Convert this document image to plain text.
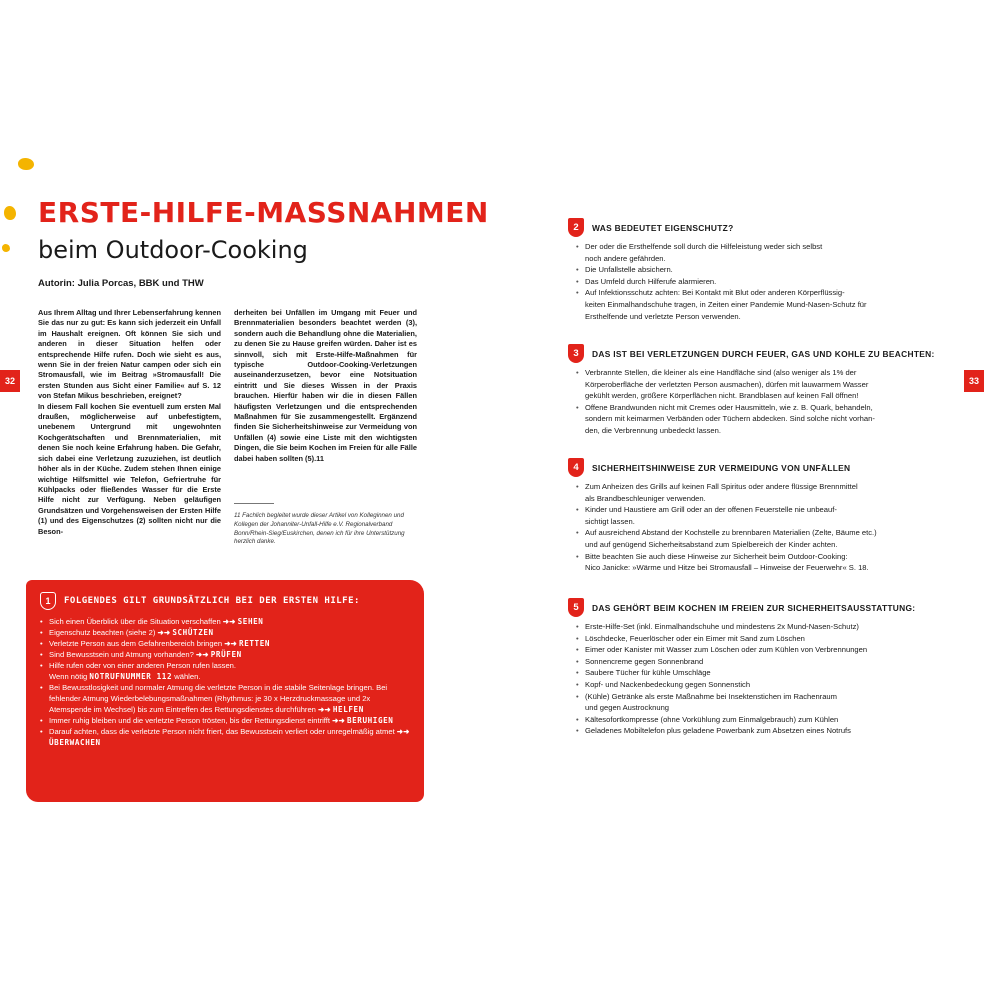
32	33
ERSTE-HILFE-MASSNAHMEN
beim Outdoor-Cooking
Autorin: Julia Porcas, BBK und THW

Aus Ihrem Alltag und Ihrer Lebenserfahrung kennen Sie das nur zu gut: Es kann sich jederzeit ein Unfall im Haushalt ereignen. Oft können Sie sich und anderen in dieser Situation helfen oder entsprechende Hilfe rufen. Doch wie sieht es aus, wenn Sie in der freien Natur campen oder sich ein Stromausfall, wie im Beitrag »Stromausfall! Die ersten Stunden aus Sicht einer Familie« auf S. 12 von Stefan Mikus beschrieben, ereignet?

In diesem Fall kochen Sie eventuell zum ersten Mal draußen, möglicherweise auf unbefestigtem, unebenem Untergrund mit ungewohnten Kochgerätschaften und Brennmaterialien, mit denen Sie noch keine Erfahrung haben. Die Gefahr, sich dabei eine Verletzung zuzuziehen, ist deutlich höher als in der Küche. Zudem stehen Ihnen einige wichtige Hilfsmittel wie Telefon, Gefriertruhe für Kühlpacks oder fließendes Wasser für die Erste Hilfe nicht zur Verfügung. Neben geläufigen Grundsätzen und Vorgehensweisen der Ersten Hilfe (1) und des Eigenschutzes (2) sollten nicht nur die Beson-

derheiten bei Unfällen im Umgang mit Feuer und Brennmaterialien besonders beachtet werden (3), sondern auch die Behandlung ohne die Materialien, zu denen Sie zu Hause greifen würden. Daher ist es sinnvoll, sich mit Erste-Hilfe-Maßnahmen für typische Outdoor-Cooking-Verletzungen auseinanderzusetzen, bevor eine Notsituation eintritt und Sie dieses Wissen in der Praxis brauchen. Hierfür haben wir die in diesen Fällen häufigsten Verletzungen und die entsprechenden Maßnahmen für Sie zusammengestellt. Ergänzend finden Sie Sicherheitshinweise zur Vermeidung von Unfällen (4) sowie eine Liste mit den wichtigsten Dingen, die Sie beim Kochen im Freien für alle Fälle dabei haben sollten (5).11

11 Fachlich begleitet wurde dieser Artikel von Kolleginnen und Kollegen der Johanniter-Unfall-Hilfe e.V. Regionalverband Bonn/Rhein-Sieg/Euskirchen, denen ich für ihre Unterstützung herzlich danke.
1	FOLGENDES GILT GRUNDSÄTZLICH BEI DER ERSTEN HILFE:
• Sich einen Überblick über die Situation verschaffen ➜➜ SEHEN
• Eigenschutz beachten (siehe 2) ➜➜ SCHÜTZEN
• Verletzte Person aus dem Gefahrenbereich bringen ➜➜ RETTEN
• Sind Bewusstsein und Atmung vorhanden? ➜➜ PRÜFEN
• Hilfe rufen oder von einer anderen Person rufen lassen.
Wenn nötig NOTRUFNUMMER 112 wählen.
• Bei Bewusstlosigkeit und normaler Atmung die verletzte Person in die stabile Seitenlage bringen. Bei fehlender Atmung Wiederbelebungsmaßnahmen (Rhythmus: je 30 x Herzdruckmassage und 2x Atemspende im Wechsel) bis zum Eintreffen des Rettungsdienstes durchführen ➜➜ HELFEN
• Immer ruhig bleiben und die verletzte Person trösten, bis der Rettungsdienst eintrifft ➜➜ BERUHIGEN
• Darauf achten, dass die verletzte Person nicht friert, das Bewusstsein verliert oder unregelmäßig atmet ➜➜ ÜBERWACHEN
2	WAS BEDEUTET EIGENSCHUTZ?
• Der oder die Ersthelfende soll durch die Hilfeleistung weder sich selbst
noch andere gefährden.
• Die Unfallstelle absichern.
• Das Umfeld durch Hilferufe alarmieren.
• Auf Infektionsschutz achten: Bei Kontakt mit Blut oder anderen Körperflüssig-
keiten Einmalhandschuhe tragen, in Zeiten einer Pandemie Mund-Nasen-Schutz für
Ersthelfende und verletzte Person verwenden.
3	DAS IST BEI VERLETZUNGEN DURCH FEUER, GAS UND KOHLE ZU BEACHTEN:
• Verbrannte Stellen, die kleiner als eine Handfläche sind (also weniger als 1% der
Körperoberfläche der verletzten Person ausmachen), dürfen mit lauwarmem Wasser
gekühlt werden, größere Körperflächen nicht. Brandblasen auf keinen Fall öffnen!
• Offene Brandwunden nicht mit Cremes oder Hausmitteln, wie z. B. Quark, behandeln,
sondern mit keimarmen Verbänden oder Tüchern abdecken. Sind solche nicht vorhan-
den, die Verbrennung unbedeckt lassen.
4	SICHERHEITSHINWEISE ZUR VERMEIDUNG VON UNFÄLLEN
• Zum Anheizen des Grills auf keinen Fall Spiritus oder andere flüssige Brennmittel
als Brandbeschleuniger verwenden.
• Kinder und Haustiere am Grill oder an der offenen Feuerstelle nie unbeauf-
sichtigt lassen.
• Auf ausreichend Abstand der Kochstelle zu brennbaren Materialien (Zelte, Bäume etc.)
und auf genügend Sicherheitsabstand zum Spielbereich der Kinder achten.
• Bitte beachten Sie auch diese Hinweise zur Sicherheit beim Outdoor-Cooking:
Nico Janicke: »Wärme und Hitze bei Stromausfall – Hinweise der Feuerwehr« S. 18.
5	DAS GEHÖRT BEIM KOCHEN IM FREIEN ZUR SICHERHEITSAUSSTATTUNG:
• Erste-Hilfe-Set (inkl. Einmalhandschuhe und mindestens 2x Mund-Nasen-Schutz)
• Löschdecke, Feuerlöscher oder ein Eimer mit Sand zum Löschen
• Eimer oder Kanister mit Wasser zum Löschen oder zum Kühlen von Verbrennungen
• Sonnencreme gegen Sonnenbrand
• Saubere Tücher für kühle Umschläge
• Kopf- und Nackenbedeckung gegen Sonnenstich
• (Kühle) Getränke als erste Maßnahme bei Insektenstichen im Rachenraum
und gegen Austrocknung
• Kältesofortkompresse (ohne Vorkühlung zum Einmalgebrauch) zum Kühlen
• Geladenes Mobiltelefon plus geladene Powerbank zum Absetzen eines Notrufs
